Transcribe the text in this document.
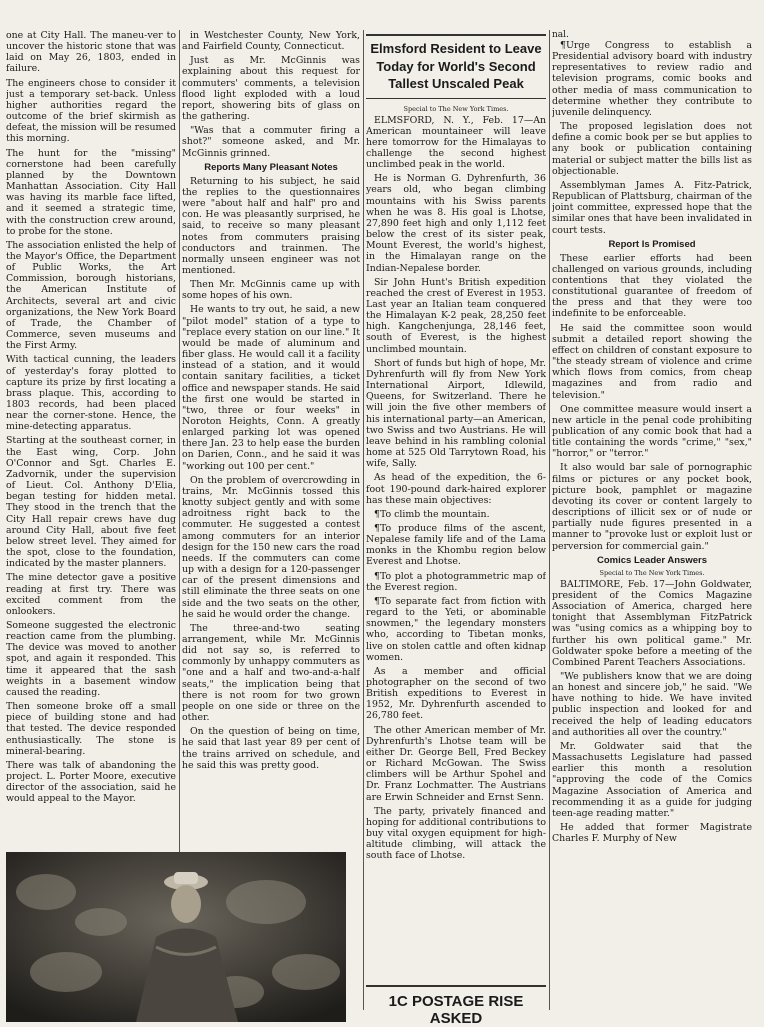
one at City Hall. The maneu-ver to uncover the historic stone that was laid on May 26, 1803, ended in failure.

The engineers chose to consider it just a temporary set-back. Unless higher authorities regard the outcome of the brief skirmish as defeat, the mission will be resumed this morning.

The hunt for the "missing" cornerstone had been carefully planned by the Downtown Manhattan Association. City Hall was having its marble face lifted, and it seemed a strategic time, with the construction crew around, to probe for the stone.

The association enlisted the help of the Mayor's Office, the Department of Public Works, the Art Commission, borough historians, the American Institute of Architects, several art and civic organizations, the New York Board of Trade, the Chamber of Commerce, seven museums and the First Army.

With tactical cunning, the leaders of yesterday's foray plotted to capture its prize by first locating a brass plaque. This, according to 1803 records, had been placed near the corner-stone. Hence, the mine-detecting apparatus.

Starting at the southeast corner, in the East wing, Corp. John O'Connor and Sgt. Charles E. Zadvornik, under the supervision of Lieut. Col. Anthony D'Elia, began testing for hidden metal. They stood in the trench that the City Hall repair crews have dug around City Hall, about five feet below street level. They aimed for the spot, close to the foundation, indicated by the master planners.

The mine detector gave a positive reading at first try. There was excited comment from the onlookers.

Someone suggested the electronic reaction came from the plumbing. The device was moved to another spot, and again it responded. This time it appeared that the sash weights in a basement window caused the reading.

Then someone broke off a small piece of building stone and had that tested. The device responded enthusiastically. The stone is mineral-bearing.

There was talk of abandoning the project. L. Porter Moore, executive director of the association, said he would appeal to the Mayor.

in Westchester County, New York, and Fairfield County, Connecticut.

Just as Mr. McGinnis was explaining about this request for commuters' comments, a television flood light exploded with a loud report, showering bits of glass on the gathering.

"Was that a commuter firing a shot?" someone asked, and Mr. McGinnis grinned.

Reports Many Pleasant Notes

Returning to his subject, he said the replies to the questionnaires were "about half and half" pro and con. He was pleasantly surprised, he said, to receive so many pleasant notes from commuters praising conductors and trainmen. The normally unseen engineer was not mentioned.

Then Mr. McGinnis came up with some hopes of his own.

He wants to try out, he said, a new "pilot model" station of a type to "replace every station on our line." It would be made of aluminum and fiber glass. He would call it a facility instead of a station, and it would contain sanitary facilities, a ticket office and newspaper stands. He said the first one would be started in "two, three or four weeks" in Noroton Heights, Conn. A greatly enlarged parking lot was opened there Jan. 23 to help ease the burden on Darien, Conn., and he said it was "working out 100 per cent."

On the problem of overcrowding in trains, Mr. McGinnis tossed this knotty subject gently and with some adroitness right back to the commuter. He suggested a contest among commuters for an interior design for the 150 new cars the road needs. If the commuters can come up with a design for a 120-passenger car of the present dimensions and still eliminate the three seats on one side and the two seats on the other, he said he would order the change.

The three-and-two seating arrangement, while Mr. McGinnis did not say so, is referred to commonly by unhappy commuters as "one and a half and two-and-a-half seats," the implication being that there is not room for two grown people on one side or three on the other.

On the question of being on time, he said that last year 89 per cent of the trains arrived on schedule, and he said this was pretty good.

Elmsford Resident to Leave Today for World's Second Tallest Unscaled Peak
Special to The New York Times.

ELMSFORD, N. Y., Feb. 17—An American mountaineer will leave here tomorrow for the Himalayas to challenge the second highest unclimbed peak in the world.

He is Norman G. Dyhrenfurth, 36 years old, who began climbing mountains with his Swiss parents when he was 8. His goal is Lhotse, 27,890 feet high and only 1,112 feet below the crest of its sister peak, Mount Everest, the world's highest, in the Himalayan range on the Indian-Nepalese border.

Sir John Hunt's British expedition reached the crest of Everest in 1953. Last year an Italian team conquered the Himalayan K-2 peak, 28,250 feet high. Kangchenjunga, 28,146 feet, south of Everest, is the highest unclimbed mountain.

Short of funds but high of hope, Mr. Dyhrenfurth will fly from New York International Airport, Idlewild, Queens, for Switzerland. There he will join the five other members of his international party—an American, two Swiss and two Austrians. He will leave behind in his rambling colonial home at 525 Old Tarrytown Road, his wife, Sally.

As head of the expedition, the 6-foot 190-pound dark-haired explorer has these main objectives:

¶To climb the mountain.

¶To produce films of the ascent, Nepalese family life and of the Lama monks in the Khombu region below Everest and Lhotse.

¶To plot a photogrammetric map of the Everest region.

¶To separate fact from fiction with regard to the Yeti, or abominable snowmen," the legendary monsters who, according to Tibetan monks, live on stolen cattle and often kidnap women.

As a member and official photographer on the second of two British expeditions to Everest in 1952, Mr. Dyhrenfurth ascended to 26,780 feet.

The other American member of Mr. Dyhrenfurth's Lhotse team will be either Dr. George Bell, Fred Beckey or Richard McGowan. The Swiss climbers will be Arthur Spohel and Dr. Franz Lochmatter. The Austrians are Erwin Schneider and Ernst Senn.

The party, privately financed and hoping for additional contributions to buy vital oxygen equipment for high-altitude climbing, will attack the south face of Lhotse.

1C POSTAGE RISE ASKED
nal.

¶Urge Congress to establish a Presidential advisory board with industry representatives to review radio and television programs, comic books and other media of mass communication to determine whether they contribute to juvenile delinquency.

The proposed legislation does not define a comic book per se but applies to any book or publication containing material or subject matter the bills list as objectionable.

Assemblyman James A. Fitz-Patrick, Republican of Plattsburg, chairman of the joint committee, expressed hope that the similar ones that have been invalidated in court tests.

Report Is Promised

These earlier efforts had been challenged on various grounds, including contentions that they violated the constitutional guarantee of freedom of the press and that they were too indefinite to be enforceable.

He said the committee soon would submit a detailed report showing the effect on children of constant exposure to "the steady stream of violence and crime which flows from comics, from cheap magazines and from radio and television."

One committee measure would insert a new article in the penal code prohibiting publication of any comic book that had a title containing the words "crime," "sex," "horror," or "terror."

It also would bar sale of pornographic films or pictures or any pocket book, picture book, pamphlet or magazine devoting its cover or content largely to descriptions of illicit sex or of nude or partially nude figures presented in a manner to "provoke lust or exploit lust or perversion for commercial gain."

Comics Leader Answers
Special to The New York Times.

BALTIMORE, Feb. 17—John Goldwater, president of the Comics Magazine Association of America, charged here tonight that Assemblyman FitzPatrick was "using comics as a whipping boy to further his own political game." Mr. Goldwater spoke before a meeting of the Combined Parent Teachers Associations.

"We publishers know that we are doing an honest and sincere job," he said. "We have nothing to hide. We have invited public inspection and looked for and received the help of leading educators and authorities all over the country."

Mr. Goldwater said that the Massachusetts Legislature had passed earlier this month a resolution "approving the code of the Comics Magazine Association of America and recommending it as a guide for judging teen-age reading matter."

He added that former Magistrate Charles F. Murphy of New
